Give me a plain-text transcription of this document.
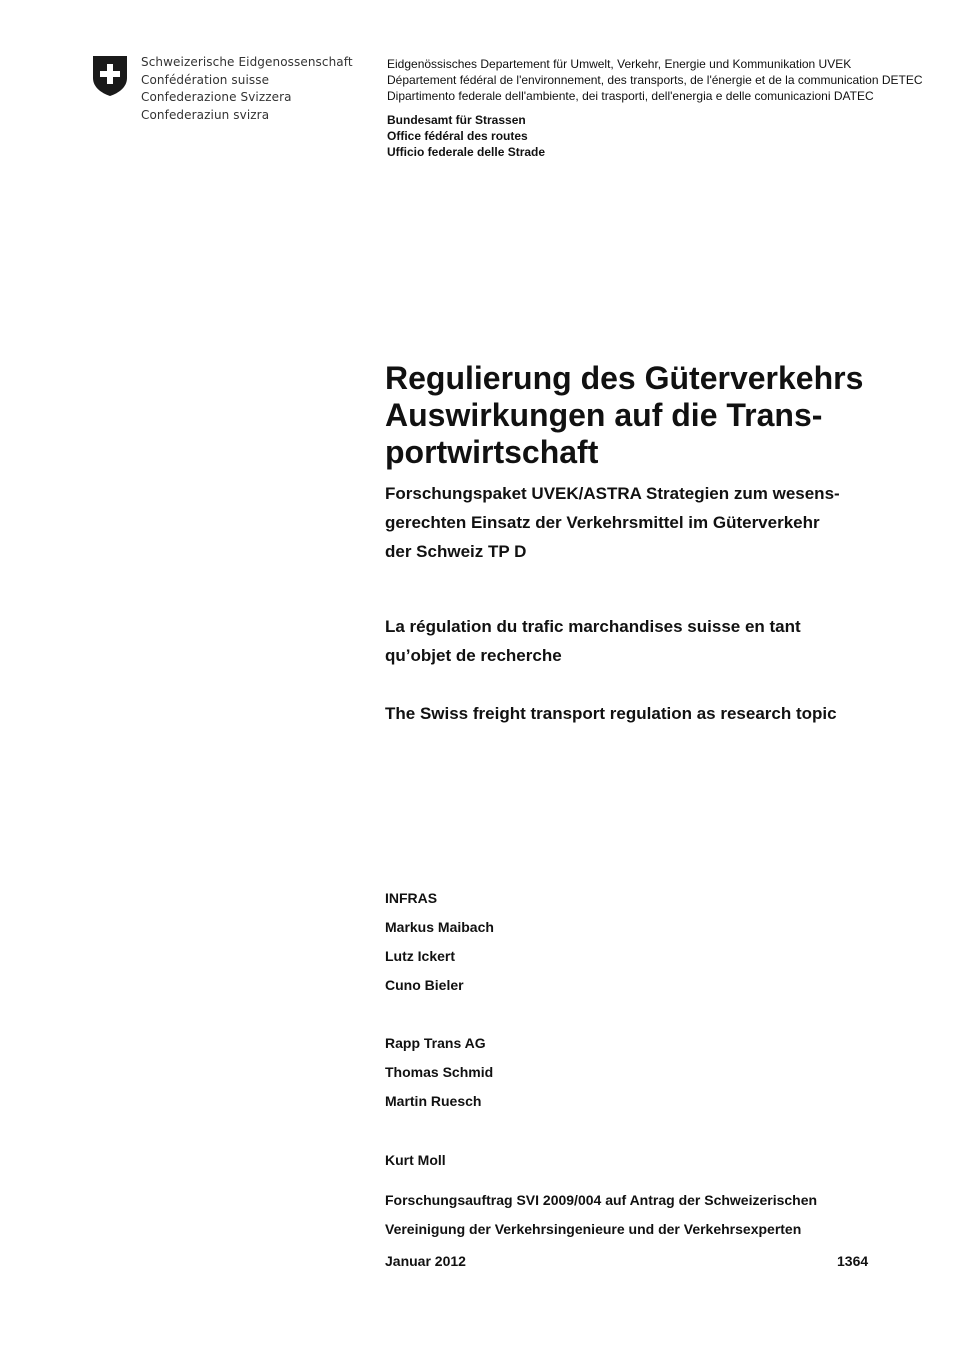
Schweizerische Eidgenossenschaft
Confédération suisse
Confederazione Svizzera
Confederaziun svizra
Eidgenössisches Departement für Umwelt, Verkehr, Energie und Kommunikation UVEK
Département fédéral de l'environnement, des transports, de l'énergie et de la communication DETEC
Dipartimento federale dell'ambiente, dei trasporti, dell'energia e delle comunicazioni DATEC
Bundesamt für Strassen
Office fédéral des routes
Ufficio federale delle Strade
Regulierung des Güterverkehrs
Auswirkungen auf die Trans-
portwirtschaft
Forschungspaket UVEK/ASTRA Strategien zum wesens-
gerechten Einsatz der Verkehrsmittel im Güterverkehr
der Schweiz TP D
La régulation du trafic marchandises suisse en tant
qu’objet de recherche
The Swiss freight transport regulation as research topic
INFRAS
Markus Maibach
Lutz Ickert
Cuno Bieler
Rapp Trans AG
Thomas Schmid
Martin Ruesch
Kurt Moll
Forschungsauftrag SVI 2009/004 auf Antrag der Schweizerischen
Vereinigung der Verkehrsingenieure und der Verkehrsexperten
Januar 2012	1364
